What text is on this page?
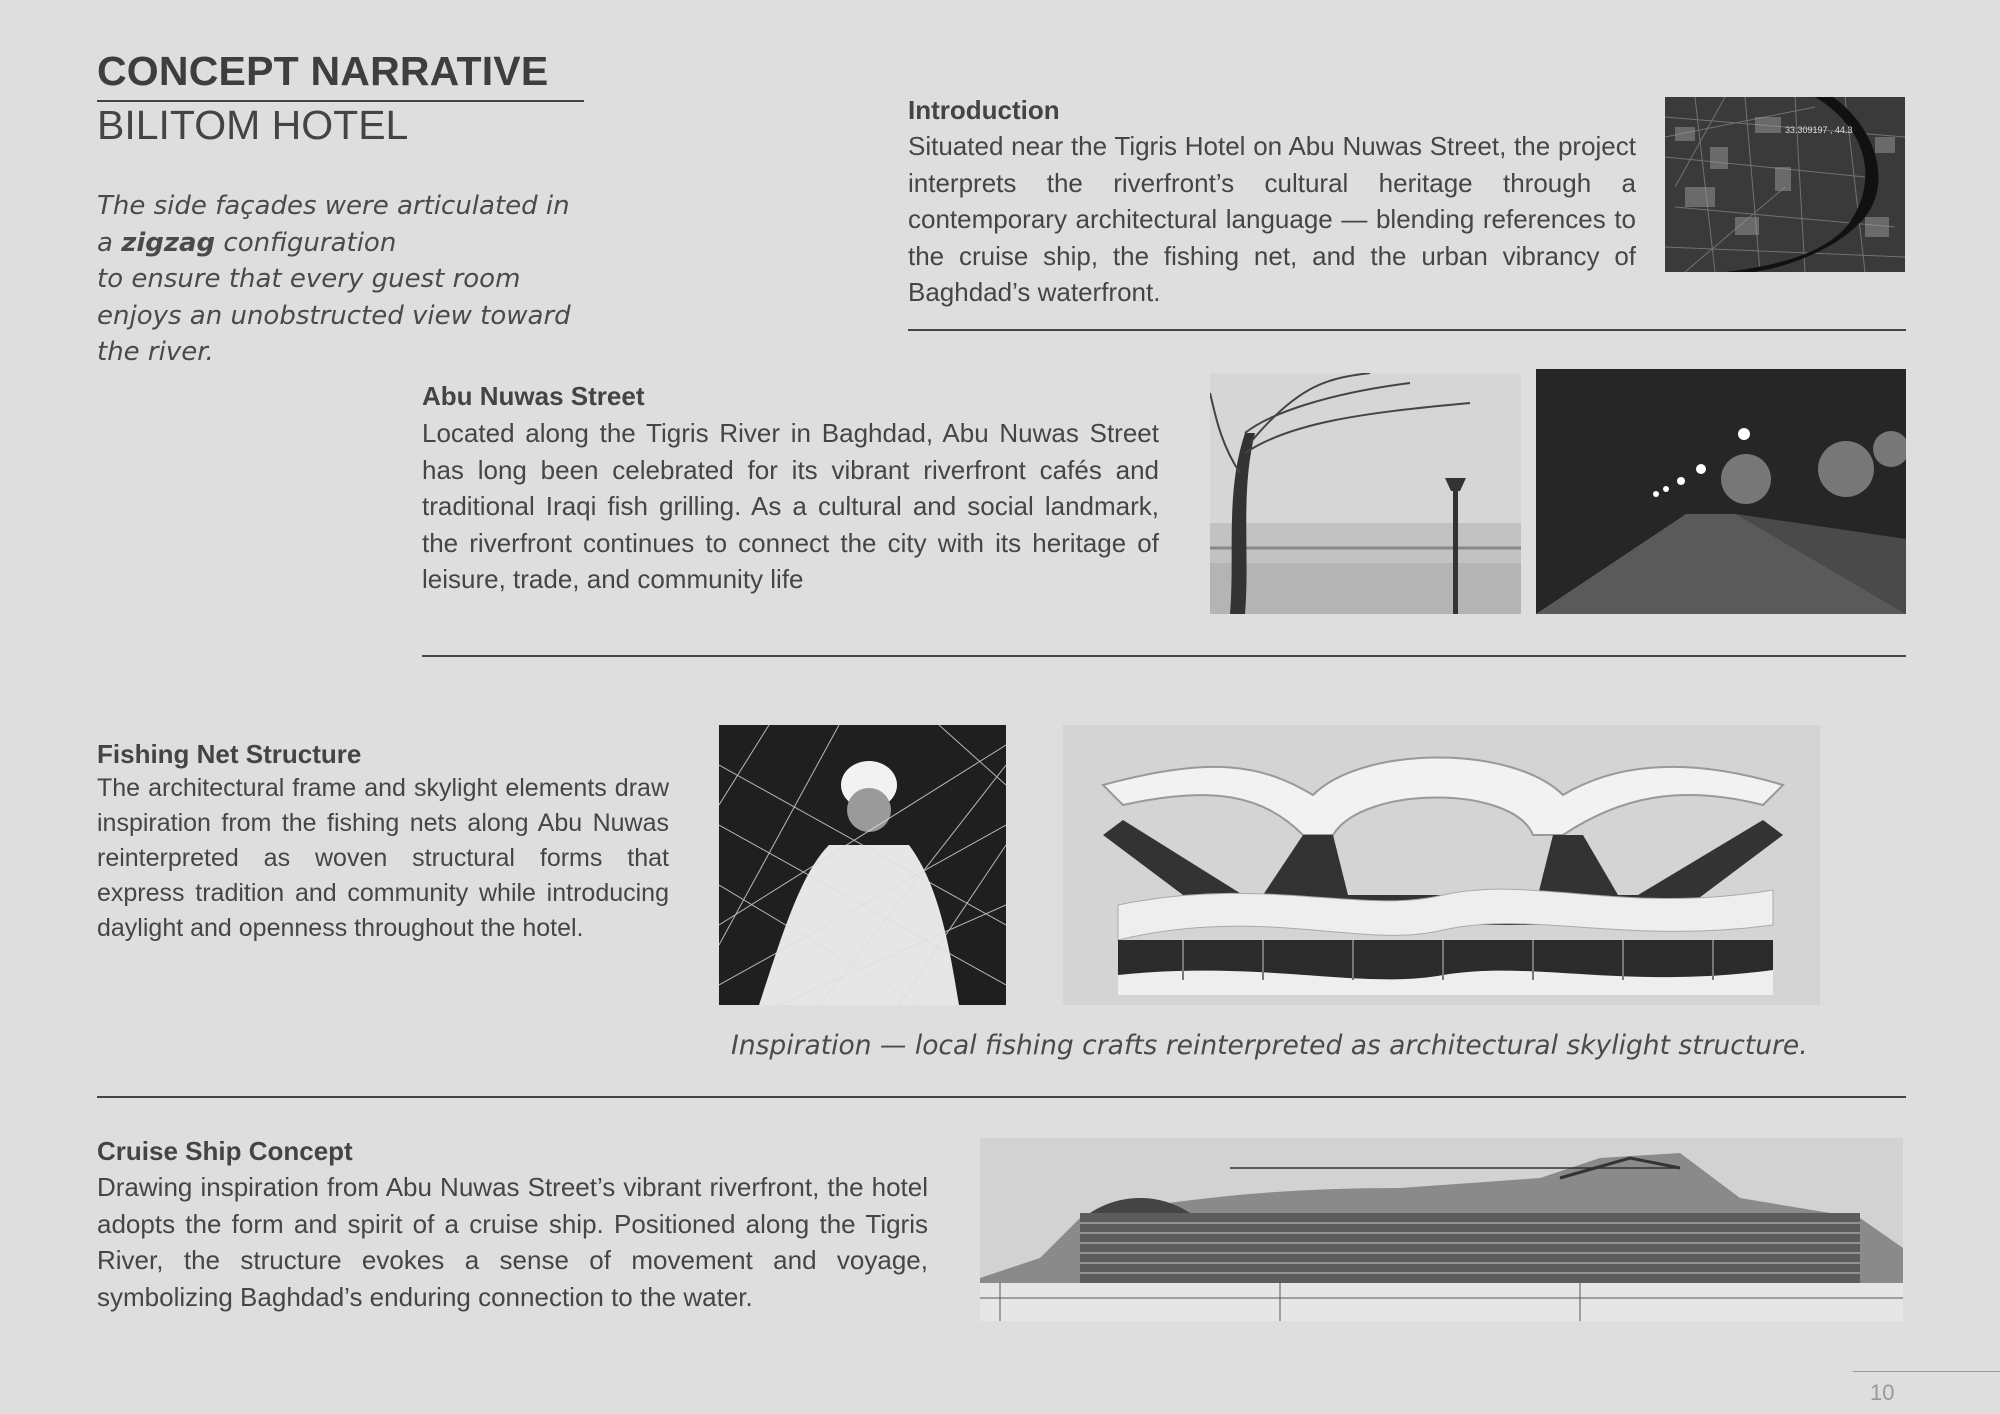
CONCEPT NARRATIVE
BILITOM HOTEL
The side façades were articulated in
a zigzag configuration
to ensure that every guest room
enjoys an unobstructed view toward
the river.
Introduction
Situated near the Tigris Hotel on Abu Nuwas Street, the project interprets the riverfront’s cultural heritage through a contemporary architectural language — blending references to the cruise ship, the fishing net, and the urban vibrancy of Baghdad’s waterfront.
33.309197 , 44.3
Abu Nuwas Street
Located along the Tigris River in Baghdad, Abu Nuwas Street has long been celebrated for its vibrant riverfront cafés and traditional Iraqi fish grilling. As a cultural and social landmark, the riverfront continues to connect the city with its heritage of leisure, trade, and community life
Fishing Net Structure
The architectural frame and skylight elements draw inspiration from the fishing nets along Abu Nuwas reinterpreted as woven structural forms that express tradition and community while introducing daylight and openness throughout the hotel.
Inspiration — local fishing crafts reinterpreted as architectural skylight structure.
Cruise Ship Concept
Drawing inspiration from Abu Nuwas Street’s vibrant riverfront, the hotel adopts the form and spirit of a cruise ship. Positioned along the Tigris River, the structure evokes a sense of movement and voyage, symbolizing Baghdad’s enduring connection to the water.
10
